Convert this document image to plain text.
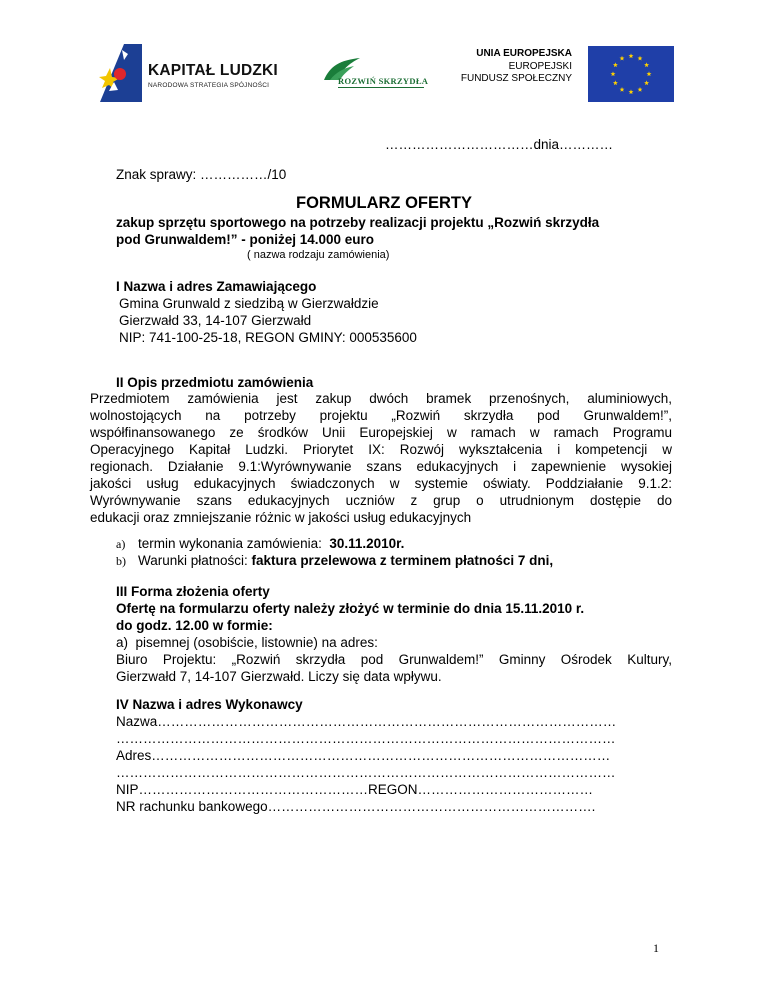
KAPITAŁ LUDZKI
NARODOWA STRATEGIA SPÓJNOŚCI	ROZWIŃ SKRZYDŁA
UNIA EUROPEJSKA
EUROPEJSKI
FUNDUSZ SPOŁECZNY
……………………………dnia…………
Znak sprawy: ……………/10
FORMULARZ OFERTY
zakup sprzętu sportowego na potrzeby realizacji projektu „Rozwiń skrzydła
pod Grunwaldem!” - poniżej 14.000 euro
( nazwa rodzaju zamówienia)
I Nazwa i adres Zamawiającego
Gmina Grunwald z siedzibą w Gierzwałdzie
Gierzwałd 33, 14-107 Gierzwałd
NIP: 741-100-25-18, REGON GMINY: 000535600
II Opis przedmiotu zamówienia
Przedmiotem zamówienia jest zakup dwóch bramek przenośnych, aluminiowych,
wolnostojących na potrzeby projektu „Rozwiń skrzydła pod Grunwaldem!”,
współfinansowanego ze środków Unii Europejskiej w ramach w ramach Programu
Operacyjnego Kapitał Ludzki. Priorytet IX: Rozwój wykształcenia i kompetencji w
regionach. Działanie 9.1:Wyrównywanie szans edukacyjnych i zapewnienie wysokiej
jakości usług edukacyjnych świadczonych w systemie oświaty. Poddziałanie 9.1.2:
Wyrównywanie szans edukacyjnych uczniów z grup o utrudnionym dostępie do
edukacji oraz zmniejszanie różnic w jakości usług edukacyjnych
a) termin wykonania zamówienia:  30.11.2010r.
b) Warunki płatności: faktura przelewowa z terminem płatności 7 dni,
III Forma złożenia oferty
Ofertę na formularzu oferty należy złożyć w terminie do dnia 15.11.2010 r.
do godz. 12.00 w formie:
a)  pisemnej (osobiście, listownie) na adres:
Biuro Projektu: „Rozwiń skrzydła pod Grunwaldem!” Gminny Ośrodek Kultury,
Gierzwałd 7, 14-107 Gierzwałd. Liczy się data wpływu.
IV Nazwa i adres Wykonawcy
Nazwa…………………………………………………………………………………………
…………………………………………………………………………………………………
Adres…………………………………………………………………………………………
…………………………………………………………………………………………………
NIP……………………………………………REGON…………………………………
NR rachunku bankowego……………………………………………………………….
1
